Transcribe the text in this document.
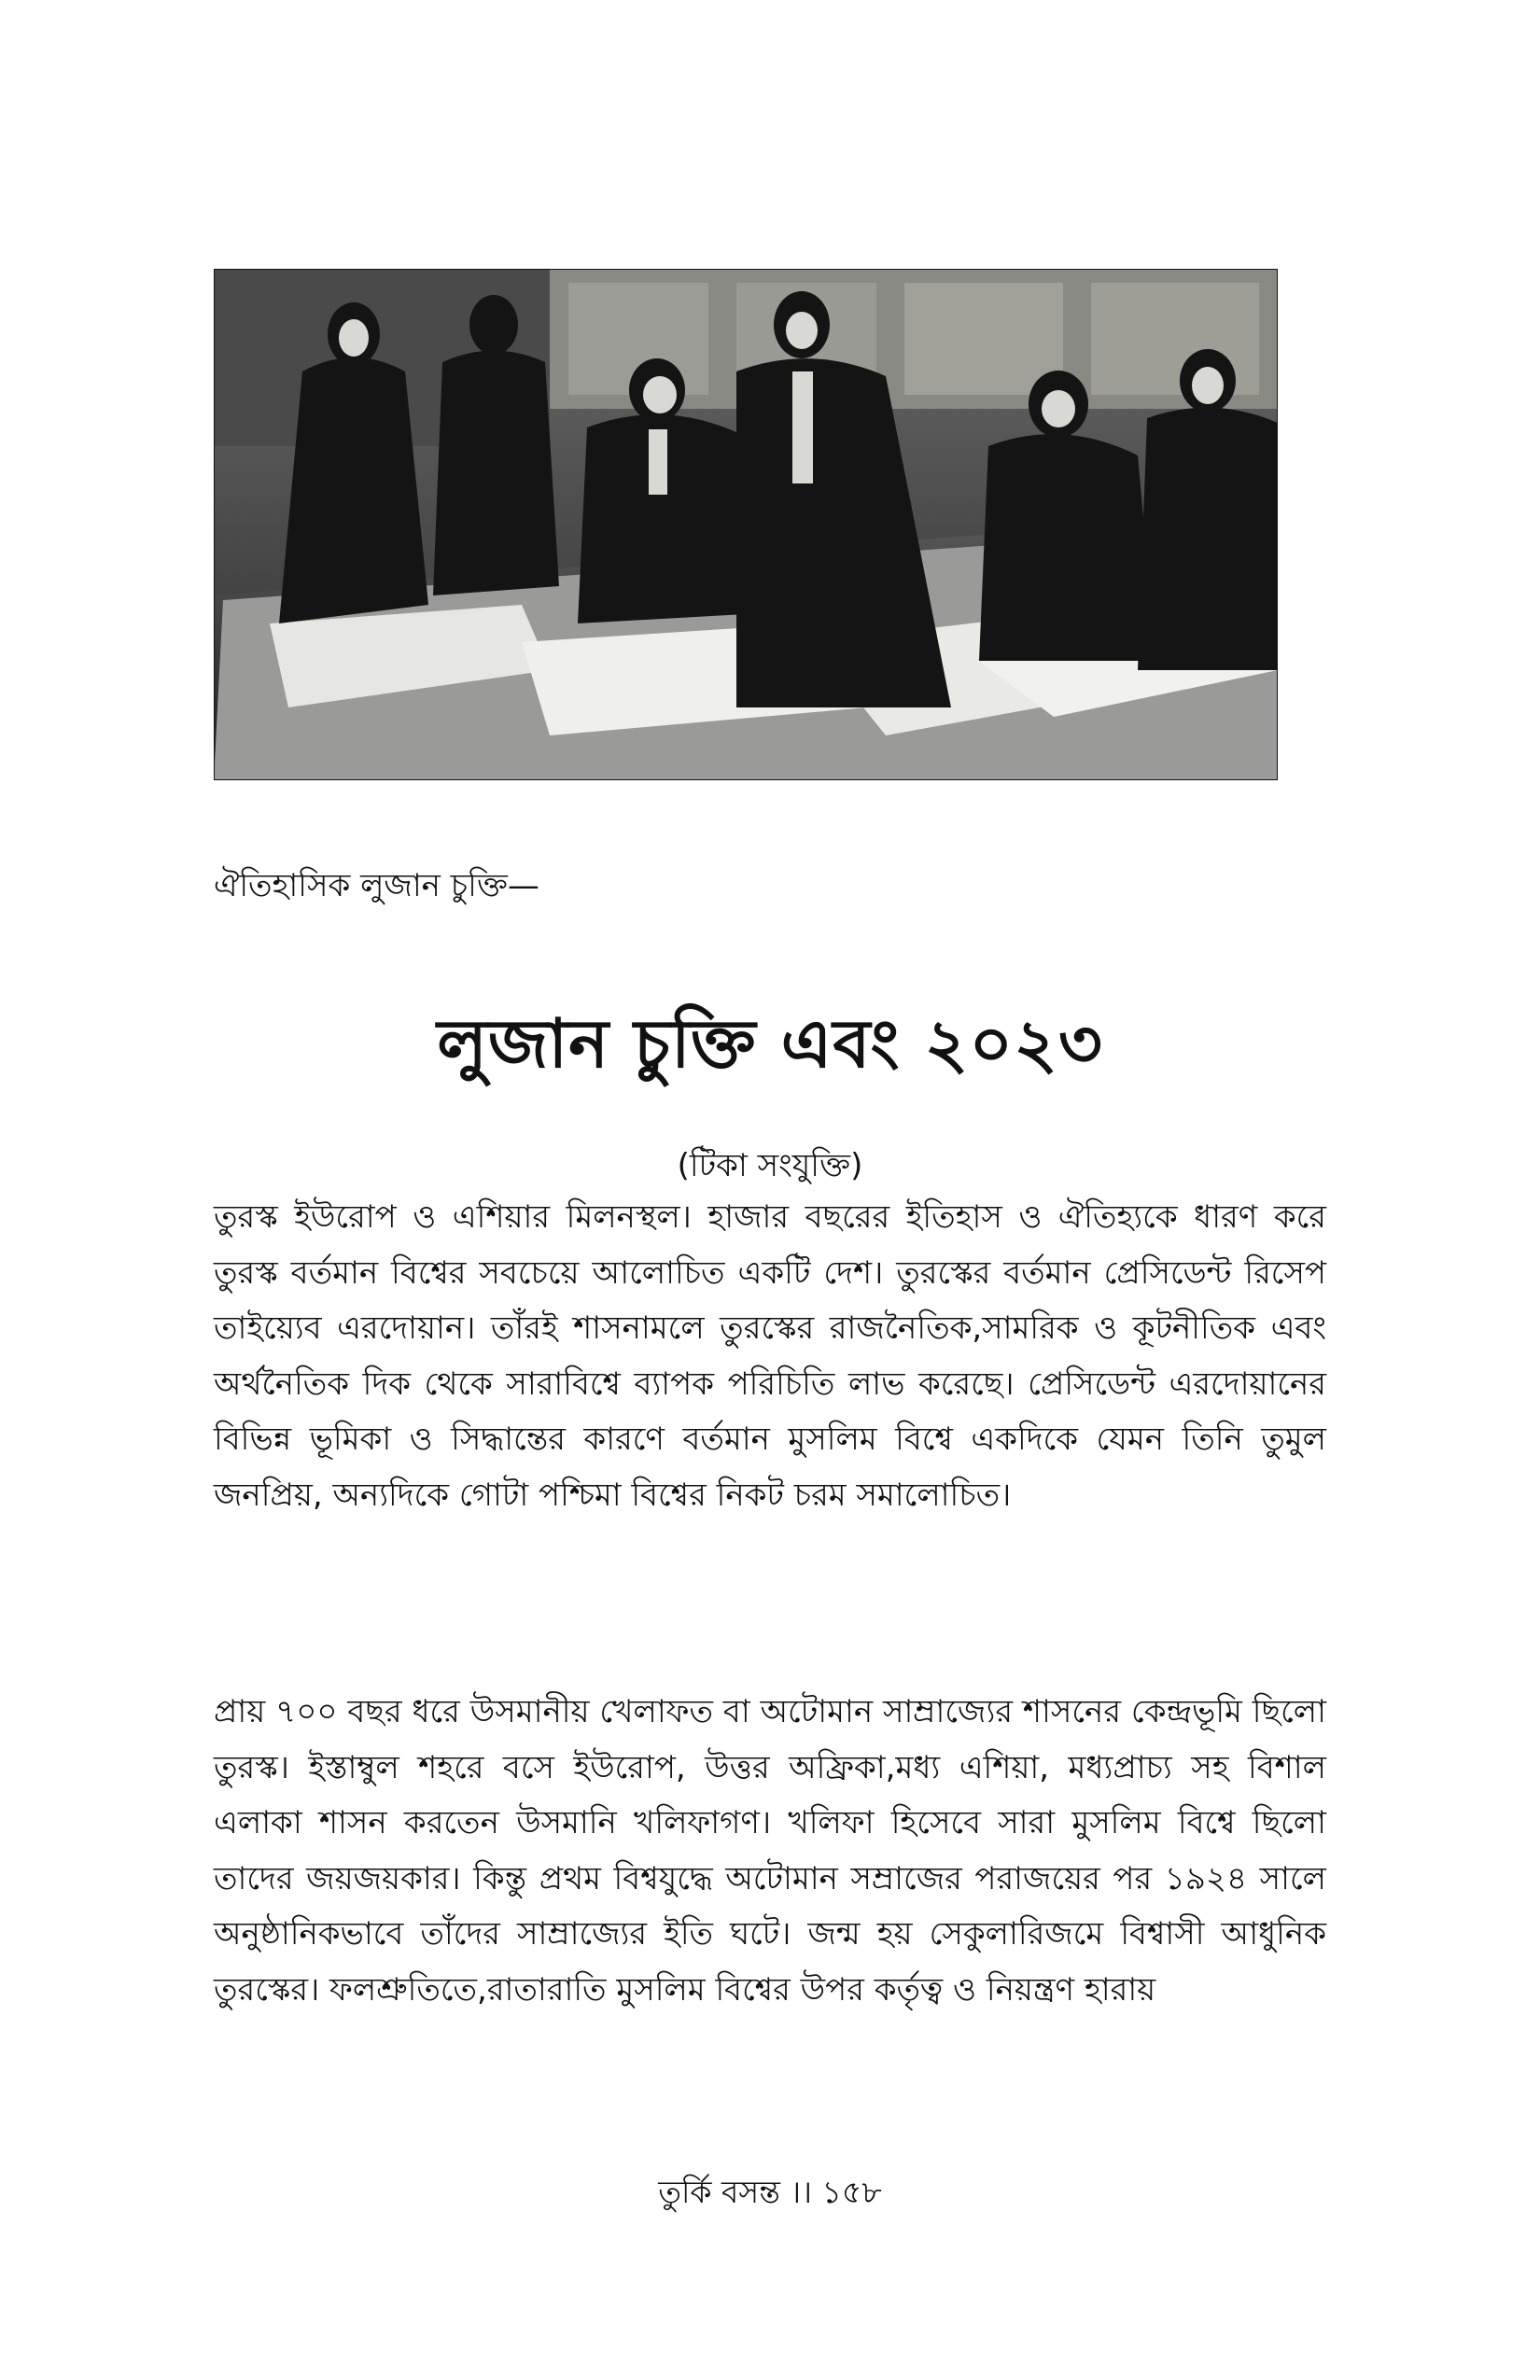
ঐতিহাসিক লুজান চুক্তি—
লুজান চুক্তি এবং ২০২৩
(টিকা সংযুক্তি)

তুরস্ক ইউরোপ ও এশিয়ার মিলনস্থল। হাজার বছরের ইতিহাস ও ঐতিহ্যকে ধারণ করে তুরস্ক বর্তমান বিশ্বের সবচেয়ে আলোচিত একটি দেশ। তুরস্কের বর্তমান প্রেসিডেন্ট রিসেপ তাইয়্যেব এরদোয়ান। তাঁরই শাসনামলে তুরস্কের রাজনৈতিক,সামরিক ও কূটনীতিক এবং অর্থনৈতিক দিক থেকে সারাবিশ্বে ব্যাপক পরিচিতি লাভ করেছে। প্রেসিডেন্ট এরদোয়ানের বিভিন্ন ভূমিকা ও সিদ্ধান্তের কারণে বর্তমান মুসলিম বিশ্বে একদিকে যেমন তিনি তুমুল জনপ্রিয়, অন্যদিকে গোটা পশ্চিমা বিশ্বের নিকট চরম সমালোচিত।

প্রায় ৭০০ বছর ধরে উসমানীয় খেলাফত বা অটোমান সাম্রাজ্যের শাসনের কেন্দ্রভূমি ছিলো তুরস্ক। ইস্তাম্বুল শহরে বসে ইউরোপ, উত্তর অফ্রিকা,মধ্য এশিয়া, মধ্যপ্রাচ্য সহ বিশাল এলাকা শাসন করতেন উসমানি খলিফাগণ। খলিফা হিসেবে সারা মুসলিম বিশ্বে ছিলো তাদের জয়জয়কার। কিন্তু প্রথম বিশ্বযুদ্ধে অটোমান সম্রাজের পরাজয়ের পর ১৯২৪ সালে অনুষ্ঠানিকভাবে তাঁদের সাম্রাজ্যের ইতি ঘটে। জন্ম হয় সেকুলারিজমে বিশ্বাসী আধুনিক তুরস্কের। ফলশ্রুতিতে,রাতারাতি মুসলিম বিশ্বের উপর কর্তৃত্ব ও নিয়ন্ত্রণ হারায়

তুর্কি বসন্ত ।। ১৫৮
